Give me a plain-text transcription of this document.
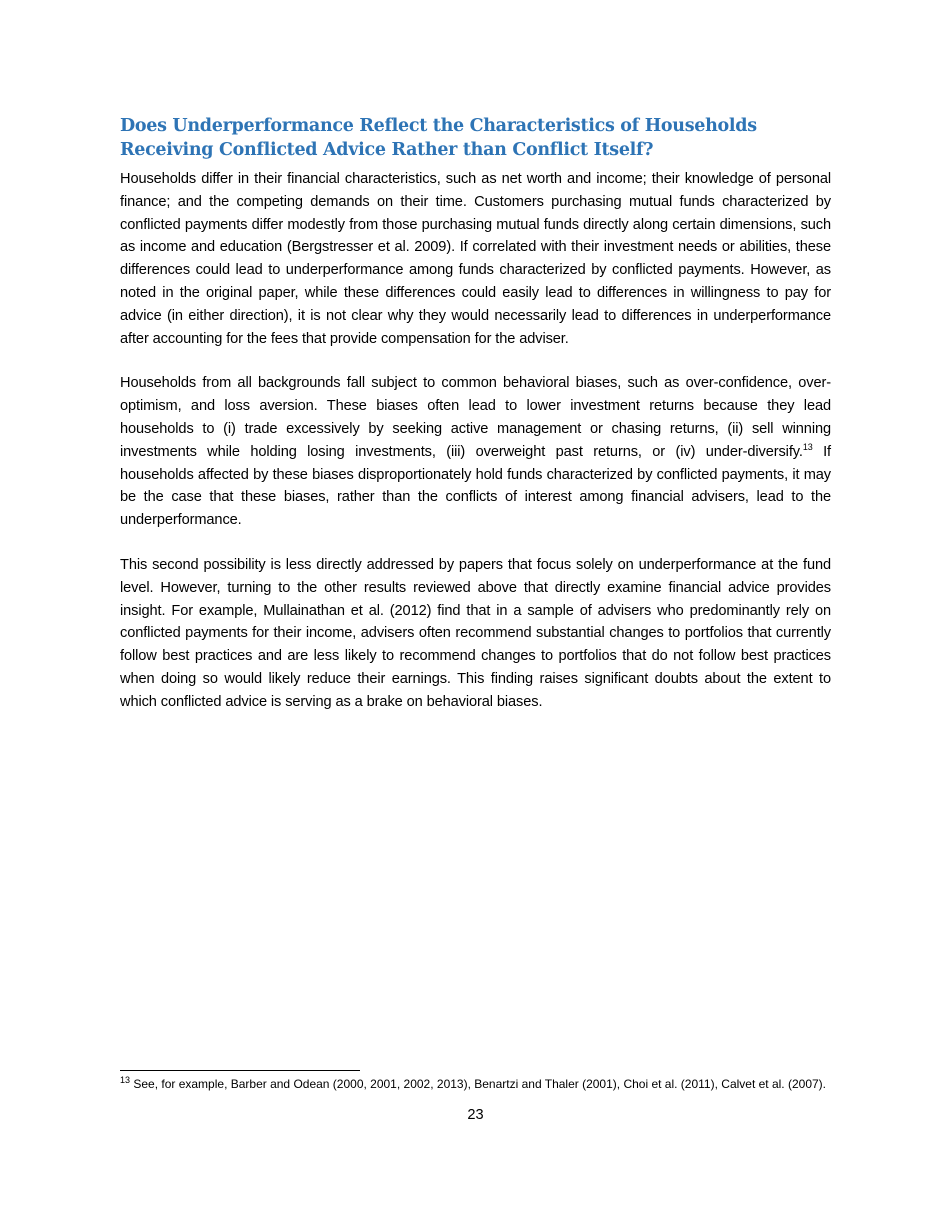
Does Underperformance Reflect the Characteristics of Households Receiving Conflicted Advice Rather than Conflict Itself?

Households differ in their financial characteristics, such as net worth and income; their knowledge of personal finance; and the competing demands on their time. Customers purchasing mutual funds characterized by conflicted payments differ modestly from those purchasing mutual funds directly along certain dimensions, such as income and education (Bergstresser et al. 2009). If correlated with their investment needs or abilities, these differences could lead to underperformance among funds characterized by conflicted payments. However, as noted in the original paper, while these differences could easily lead to differences in willingness to pay for advice (in either direction), it is not clear why they would necessarily lead to differences in underperformance after accounting for the fees that provide compensation for the adviser.

Households from all backgrounds fall subject to common behavioral biases, such as over-confidence, over-optimism, and loss aversion. These biases often lead to lower investment returns because they lead households to (i) trade excessively by seeking active management or chasing returns, (ii) sell winning investments while holding losing investments, (iii) overweight past returns, or (iv) under-diversify.$^{13}$ If households affected by these biases disproportionately hold funds characterized by conflicted payments, it may be the case that these biases, rather than the conflicts of interest among financial advisers, lead to the underperformance.

This second possibility is less directly addressed by papers that focus solely on underperformance at the fund level. However, turning to the other results reviewed above that directly examine financial advice provides insight. For example, Mullainathan et al. (2012) find that in a sample of advisers who predominantly rely on conflicted payments for their income, advisers often recommend substantial changes to portfolios that currently follow best practices and are less likely to recommend changes to portfolios that do not follow best practices when doing so would likely reduce their earnings. This finding raises significant doubts about the extent to which conflicted advice is serving as a brake on behavioral biases.

$^{13}$ See, for example, Barber and Odean (2000, 2001, 2002, 2013), Benartzi and Thaler (2001), Choi et al. (2011), Calvet et al. (2007).

23
